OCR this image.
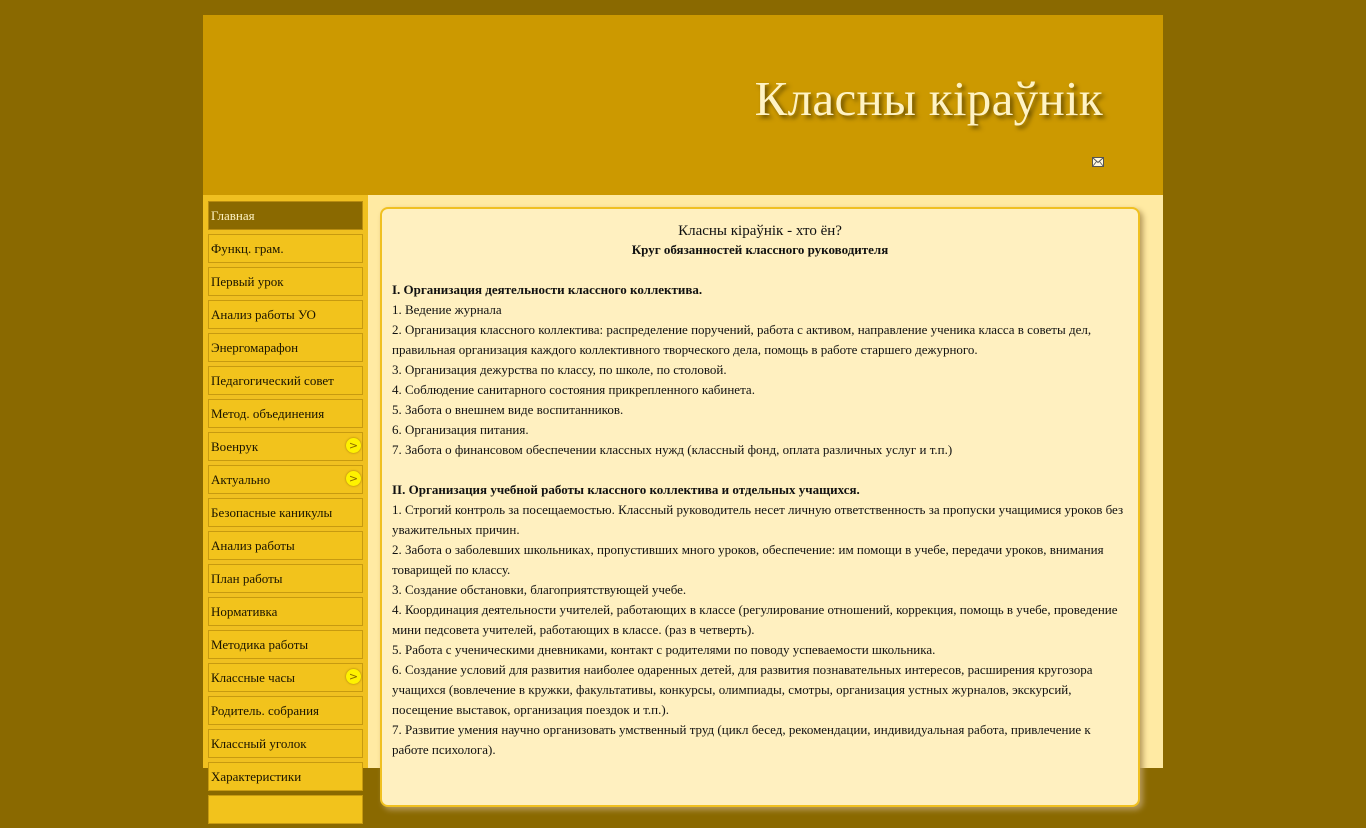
Класны кіраўнік
Главная
Функц. грам.
Первый урок
Анализ работы УО
Энергомарафон
Педагогический совет
Метод. объединения
Военрук	>
Актуально	>
Безопасные каникулы
Анализ работы
План работы
Нормативка
Методика работы
Классные часы	>
Родитель. собрания
Классный уголок
Характеристики
Класны кіраўнік - хто ён?
Круг обязанностей классного руководителя

I. Организация деятельности классного коллектива.

1. Ведение журнала

2. Организация классного коллектива: распределение поручений, работа с активом, направление ученика класса в советы дел, правильная организация каждого коллективного творческого дела, помощь в работе старшего дежурного.

3. Организация дежурства по классу, по школе, по столовой.

4. Соблюдение санитарного состояния прикрепленного кабинета.

5. Забота о внешнем виде воспитанников.

6. Организация питания.

7. Забота о финансовом обеспечении классных нужд (классный фонд, оплата различных услуг и т.п.)

II. Организация учебной работы классного коллектива и отдельных учащихся.

1. Строгий контроль за посещаемостью. Классный руководитель несет личную ответственность за пропуски учащимися уроков без уважительных причин.

2. Забота о заболевших школьниках, пропустивших много уроков, обеспечение: им помощи в учебе, передачи уроков, внимания товарищей по классу.

3. Создание обстановки, благоприятствующей учебе.

4. Координация деятельности учителей, работающих в классе (регулирование отношений, коррекция, помощь в учебе, проведение мини педсовета учителей, работающих в классе. (раз в четверть).

5. Работа с ученическими дневниками, контакт с родителями по поводу успеваемости школьника.

6. Создание условий для развития наиболее одаренных детей, для развития познавательных интересов, расширения кругозора учащихся (вовлечение в кружки, факультативы, конкурсы, олимпиады, смотры, организация устных журналов, экскурсий, посещение выставок, организация поездок и т.п.).

7. Развитие умения научно организовать умственный труд (цикл бесед, рекомендации, индивидуальная работа, привлечение к работе психолога).
